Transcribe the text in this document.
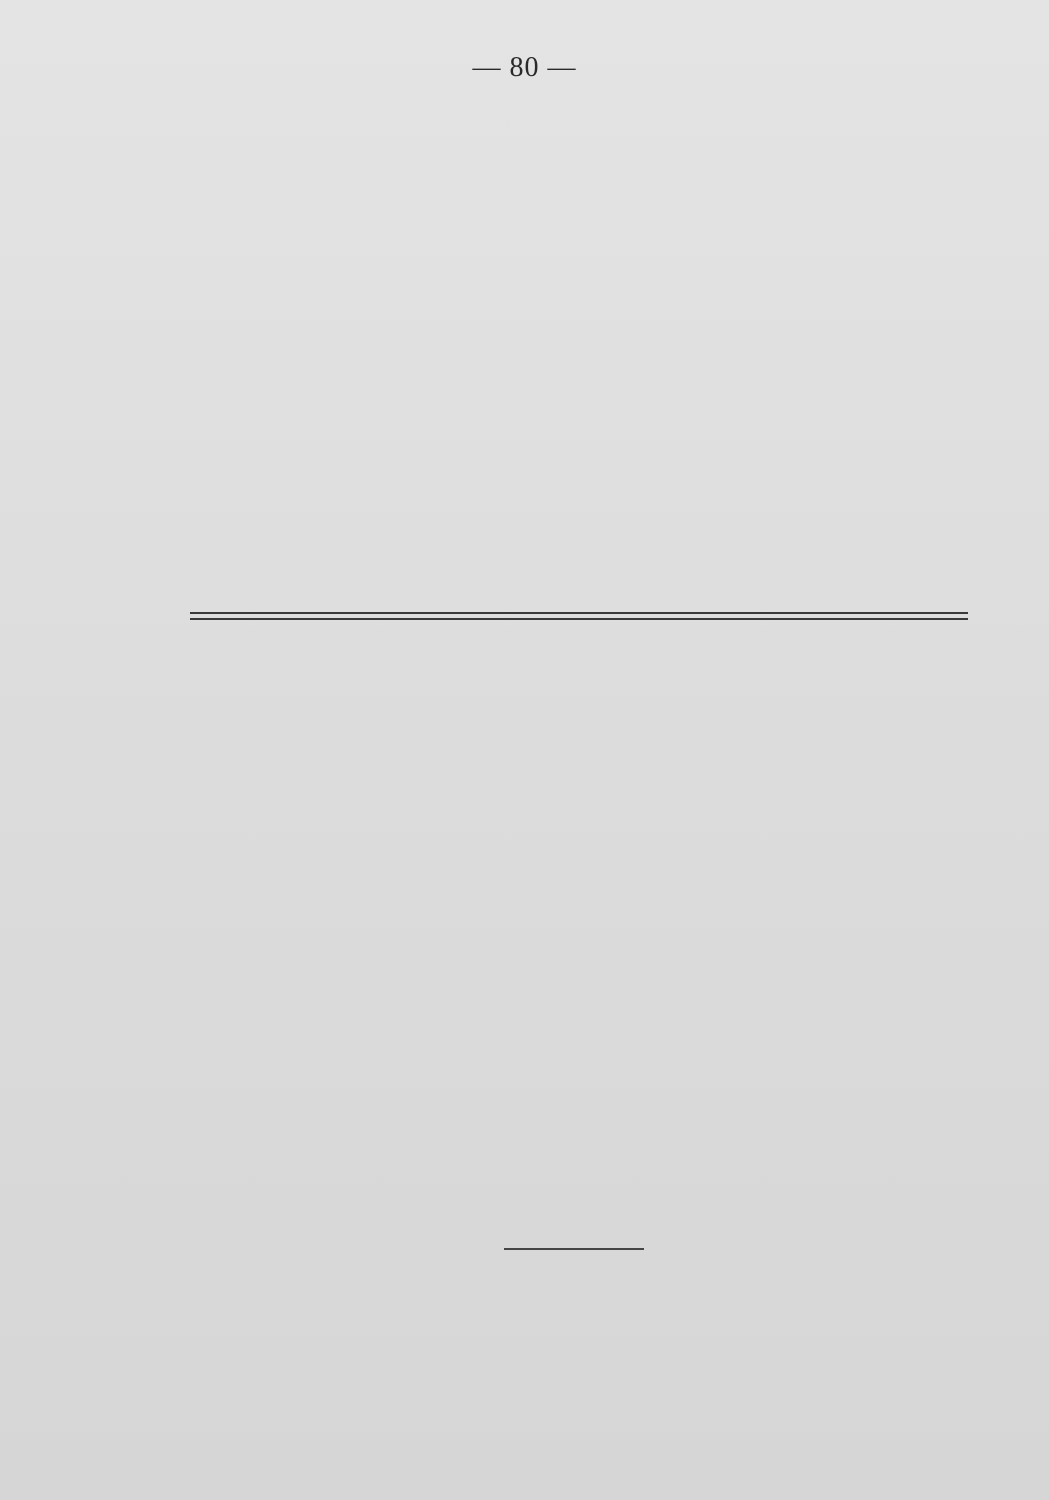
— 80 —
